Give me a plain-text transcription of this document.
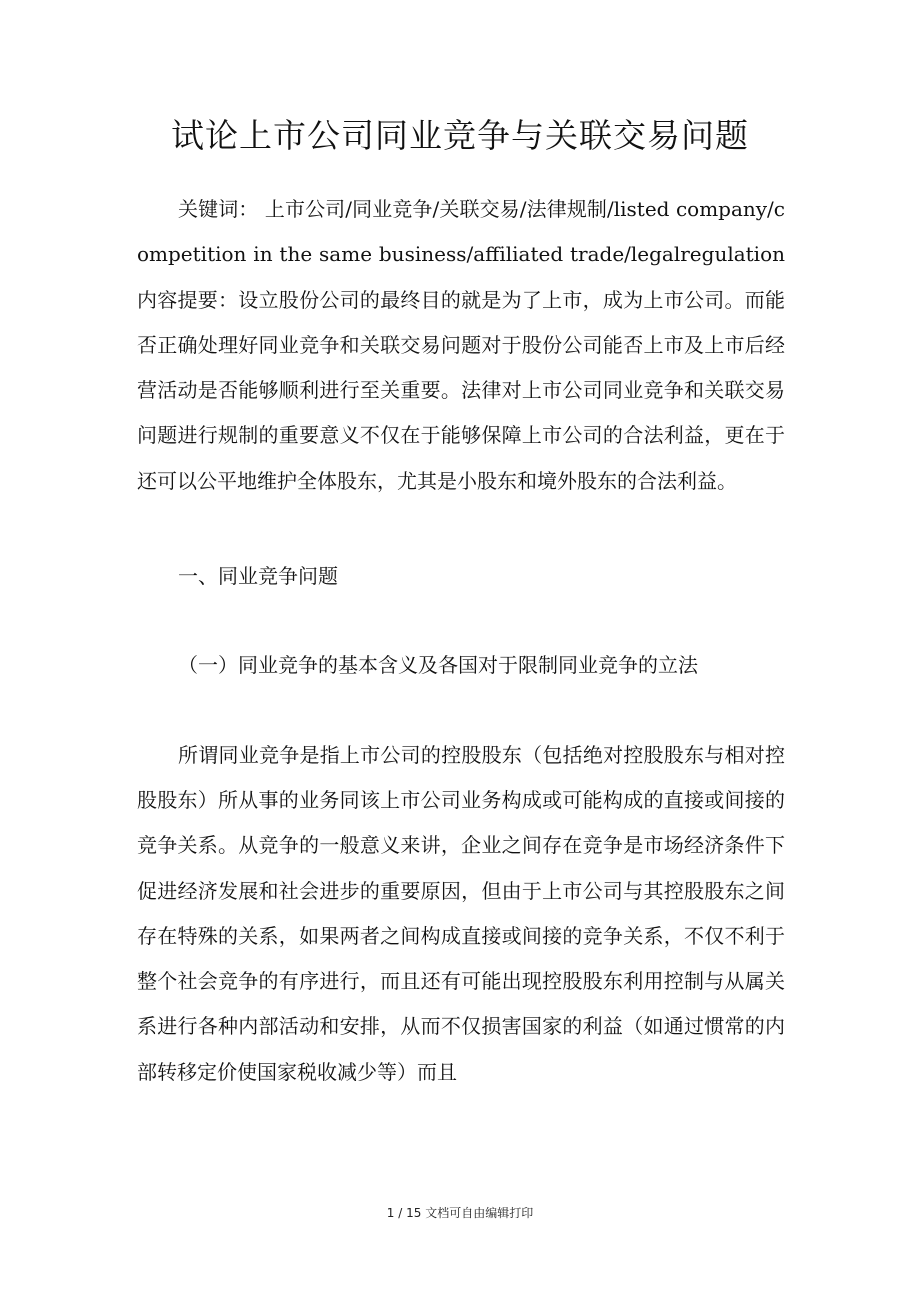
试论上市公司同业竞争与关联交易问题

关键词： 上市公司/同业竞争/关联交易/法律规制/listed company/competition in the same business/affiliated trade/legalregulation内容提要：设立股份公司的最终目的就是为了上市，成为上市公司。而能否正确处理好同业竞争和关联交易问题对于股份公司能否上市及上市后经营活动是否能够顺利进行至关重要。法律对上市公司同业竞争和关联交易问题进行规制的重要意义不仅在于能够保障上市公司的合法利益，更在于还可以公平地维护全体股东，尤其是小股东和境外股东的合法利益。

一、同业竞争问题

（一）同业竞争的基本含义及各国对于限制同业竞争的立法

所谓同业竞争是指上市公司的控股股东（包括绝对控股股东与相对控股股东）所从事的业务同该上市公司业务构成或可能构成的直接或间接的竞争关系。从竞争的一般意义来讲，企业之间存在竞争是市场经济条件下促进经济发展和社会进步的重要原因，但由于上市公司与其控股股东之间存在特殊的关系，如果两者之间构成直接或间接的竞争关系，不仅不利于整个社会竞争的有序进行，而且还有可能出现控股股东利用控制与从属关系进行各种内部活动和安排，从而不仅损害国家的利益（如通过惯常的内部转移定价使国家税收减少等）而且

1 / 15 文档可自由编辑打印
